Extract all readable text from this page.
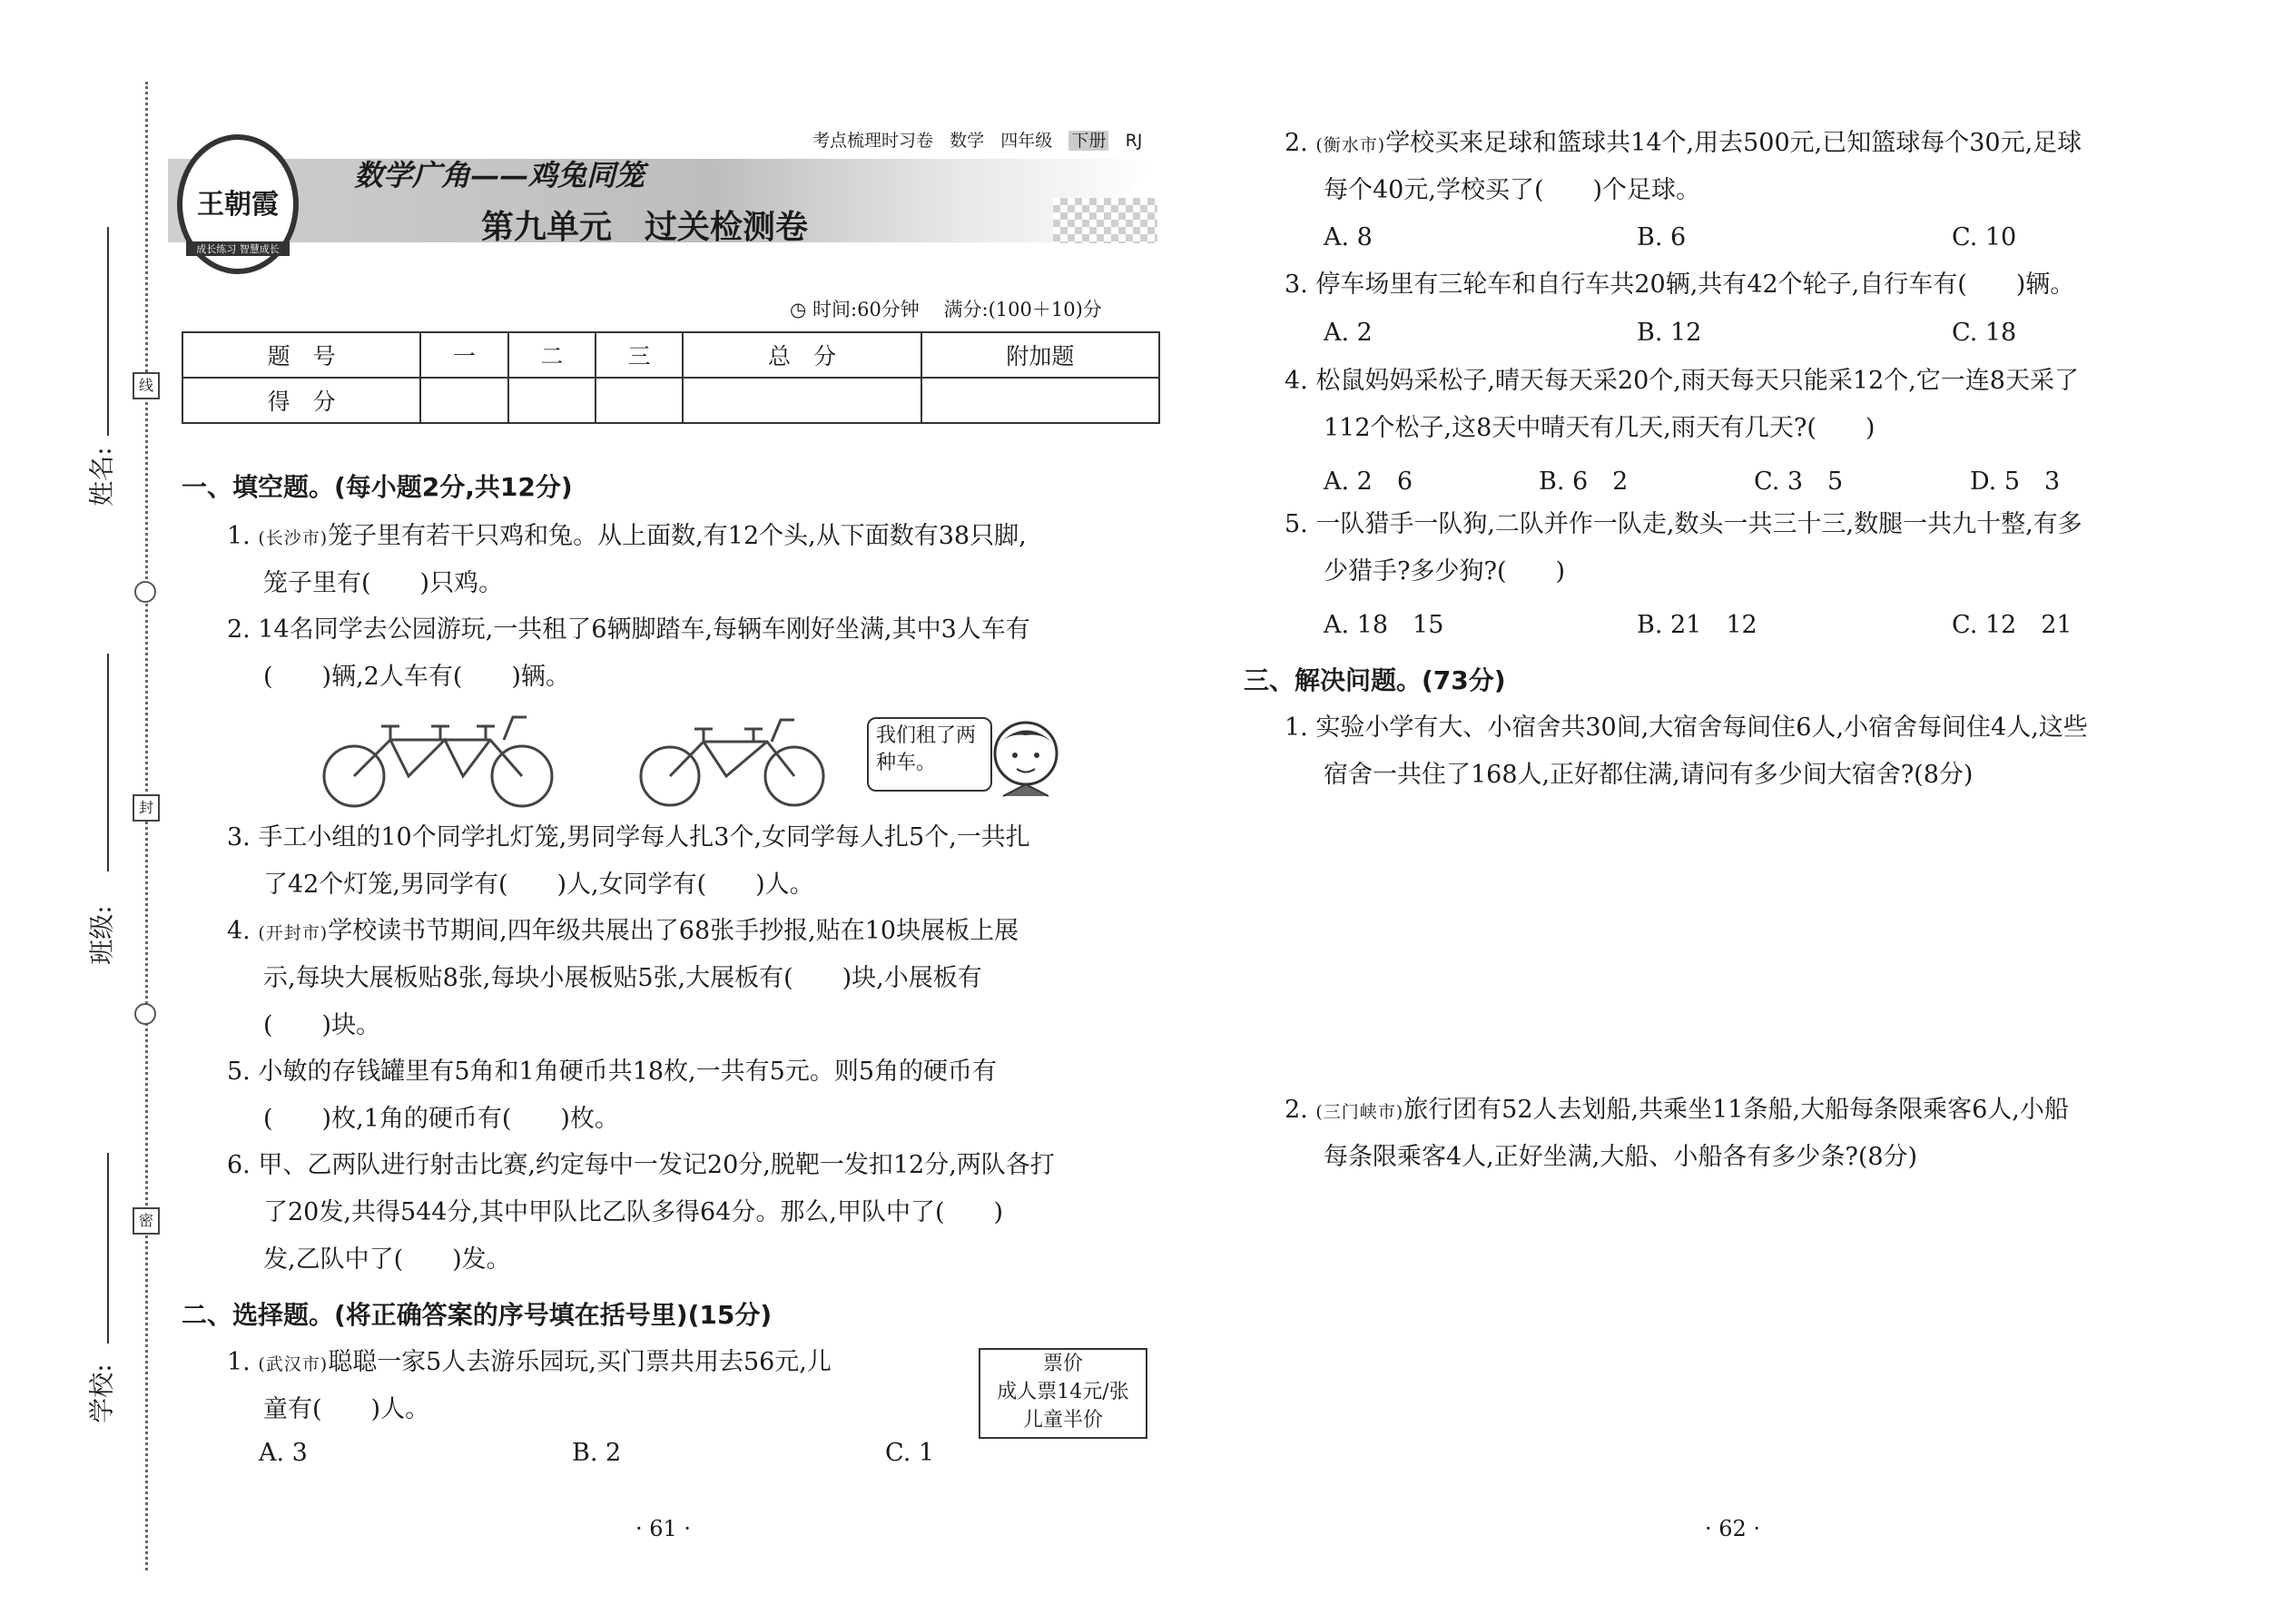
姓名:
班级:
学校:
线
封
密
王朝霞
成长练习 智慧成长
考点梳理时习卷 数学 四年级 下册 RJ
数学广角——鸡兔同笼
第九单元　过关检测卷
◷ 时间:60分钟 满分:(100＋10)分
题　号	一	二	三	总　分	附加题
得　分					
一、填空题。(每小题2分,共12分)
1. (长沙市)笼子里有若干只鸡和兔。从上面数,有12个头,从下面数有38只脚,
笼子里有(　　)只鸡。
2. 14名同学去公园游玩,一共租了6辆脚踏车,每辆车刚好坐满,其中3人车有
(　　)辆,2人车有(　　)辆。
我们租了两种车。
3. 手工小组的10个同学扎灯笼,男同学每人扎3个,女同学每人扎5个,一共扎
了42个灯笼,男同学有(　　)人,女同学有(　　)人。
4. (开封市)学校读书节期间,四年级共展出了68张手抄报,贴在10块展板上展
示,每块大展板贴8张,每块小展板贴5张,大展板有(　　)块,小展板有
(　　)块。
5. 小敏的存钱罐里有5角和1角硬币共18枚,一共有5元。则5角的硬币有
(　　)枚,1角的硬币有(　　)枚。
6. 甲、乙两队进行射击比赛,约定每中一发记20分,脱靶一发扣12分,两队各打
了20发,共得544分,其中甲队比乙队多得64分。那么,甲队中了(　　)
发,乙队中了(　　)发。
二、选择题。(将正确答案的序号填在括号里)(15分)
1. (武汉市)聪聪一家5人去游乐园玩,买门票共用去56元,儿
童有(　　)人。
票价
成人票14元/张
儿童半价
A. 3	B. 2	C. 1
· 61 ·
2. (衡水市)学校买来足球和篮球共14个,用去500元,已知篮球每个30元,足球
每个40元,学校买了(　　)个足球。
A. 8	B. 6	C. 10
3. 停车场里有三轮车和自行车共20辆,共有42个轮子,自行车有(　　)辆。
A. 2	B. 12	C. 18
4. 松鼠妈妈采松子,晴天每天采20个,雨天每天只能采12个,它一连8天采了
112个松子,这8天中晴天有几天,雨天有几天?(　　)
A. 2　6	B. 6　2	C. 3　5	D. 5　3
5. 一队猎手一队狗,二队并作一队走,数头一共三十三,数腿一共九十整,有多
少猎手?多少狗?(　　)
A. 18　15	B. 21　12	C. 12　21
三、解决问题。(73分)
1. 实验小学有大、小宿舍共30间,大宿舍每间住6人,小宿舍每间住4人,这些
宿舍一共住了168人,正好都住满,请问有多少间大宿舍?(8分)
2. (三门峡市)旅行团有52人去划船,共乘坐11条船,大船每条限乘客6人,小船
每条限乘客4人,正好坐满,大船、小船各有多少条?(8分)
· 62 ·
